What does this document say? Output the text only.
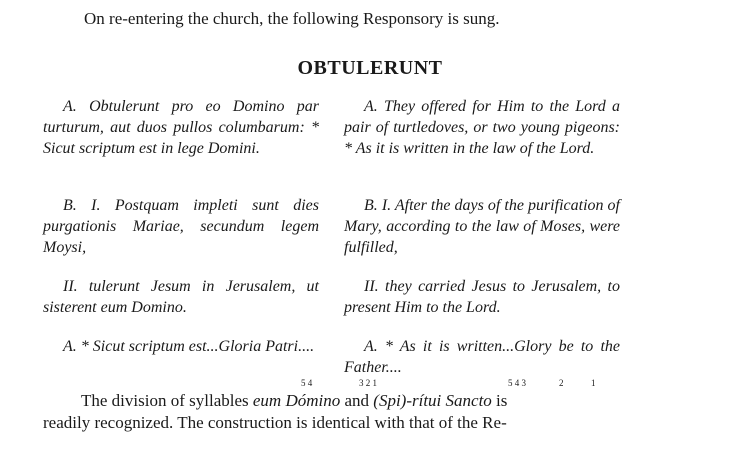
On re-entering the church, the following Responsory is sung.
OBTULERUNT

A. Obtulerunt pro eo Domino par turturum, aut duos pullos columbarum: * Sicut scriptum est in lege Domini.

B. I. Postquam impleti sunt dies purgationis Mariae, secundum legem Moysi,

II. tulerunt Jesum in Jerusalem, ut sisterent eum Domino.

A. * Sicut scriptum est...Gloria Patri....

A. They offered for Him to the Lord a pair of turtledoves, or two young pigeons: * As it is written in the law of the Lord.

B. I. After the days of the purification of Mary, according to the law of Moses, were fulfilled,

II. they carried Jesus to Jerusalem, to present Him to the Lord.

A. * As it is written...Glory be to the Father....

5 4	3 2 1	5 4 3	2	1
The division of syllables eum Dómino and (Spi)-rítui Sancto is
readily recognized. The construction is identical with that of the Re-
